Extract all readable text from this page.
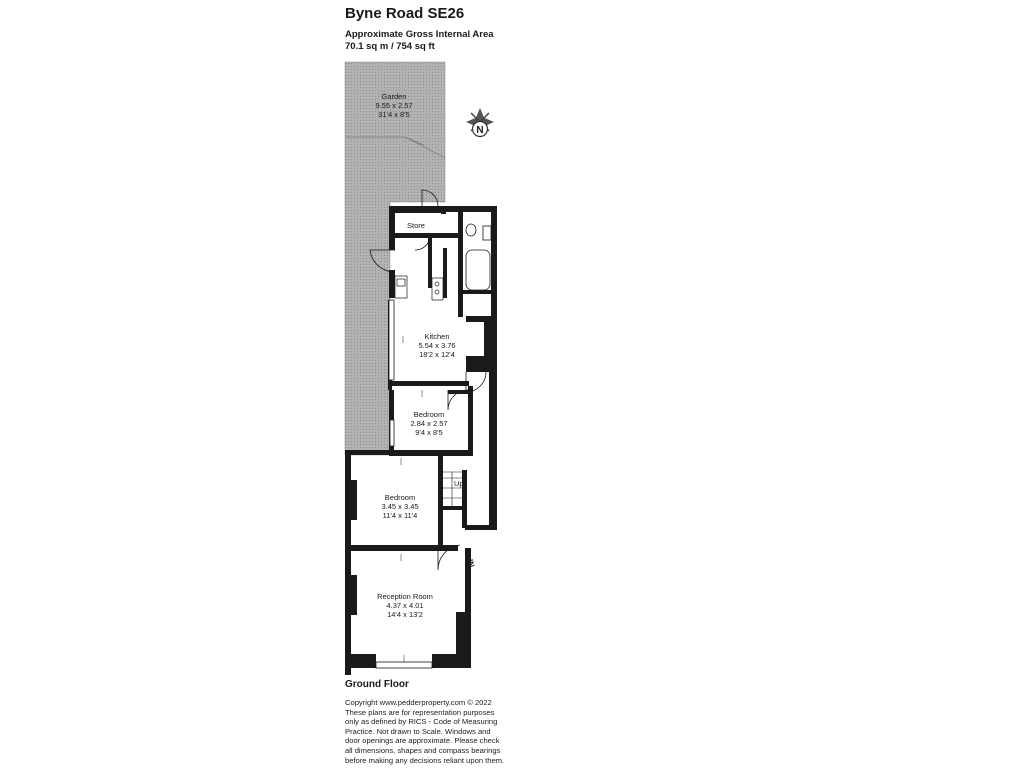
Byne Road SE26
Approximate Gross Internal Area
70.1 sq m / 754 sq ft
N
Garden
9.55 x 2.57
31'4 x 8'5
Store
Kitchen
5.54 x 3.76
18'2 x 12'4
Bedroom
2.84 x 2.57
9'4 x 8'5
Bedroom
3.45 x 3.45
11'4 x 11'4
Reception Room
4.37 x 4.01
14'4 x 13'2
Up
IN
Ground Floor
Copyright www.pedderproperty.com © 2022
These plans are for representation purposes
only as defined by RICS - Code of Measuring
Practice. Not drawn to Scale. Windows and
door openings are approximate. Please check
all dimensions, shapes and compass bearings
before making any decisions reliant upon them.
